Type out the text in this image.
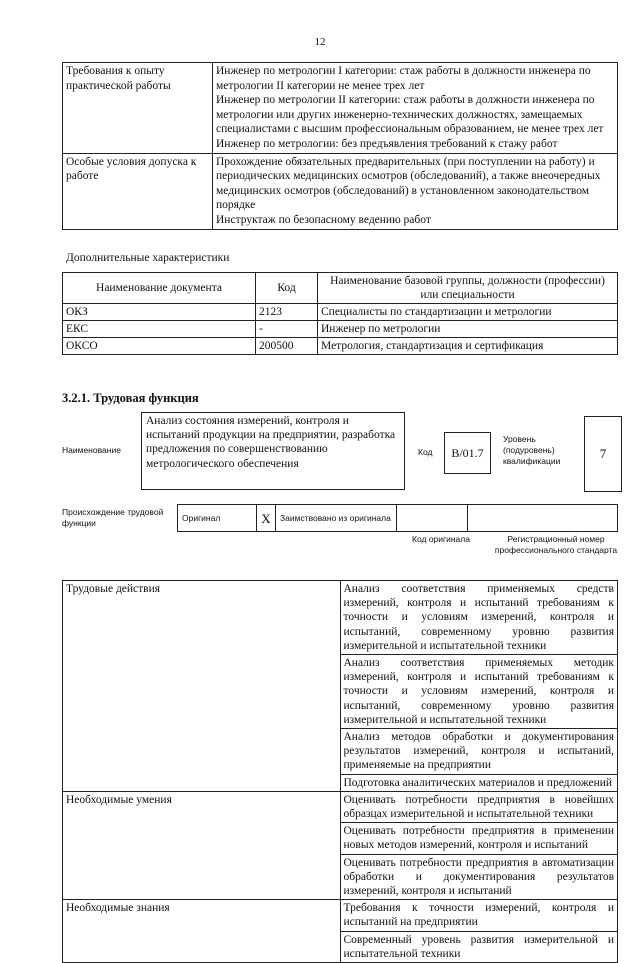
12
Требования к опыту практической работы	Инженер по метрологии I категории: стаж работы в должности инженера по метрологии II категории не менее трех лет
Инженер по метрологии II категории: стаж работы в должности инженера по метрологии или других инженерно-технических должностях, замещаемых специалистами с высшим профессиональным образованием, не менее трех лет
Инженер по метрологии: без предъявления требований к стажу работ

Особые условия допуска к работе	Прохождение обязательных предварительных (при поступлении на работу) и периодических медицинских осмотров (обследований), а также внеочередных медицинских осмотров (обследований) в установленном законодательством порядке
Инструктаж по безопасному ведению работ
Дополнительные характеристики
Наименование документа	Код	Наименование базовой группы, должности (профессии) или специальности
ОКЗ	2123	Специалисты по стандартизации и метрологии
ЕКС	-	Инженер по метрологии
ОКСО	200500	Метрология, стандартизация и сертификация
3.2.1. Трудовая функция
Наименование
Анализ состояния измерений, контроля и испытаний продукции на предприятии, разработка предложения по совершенствованию метрологического обеспечения
Код	B/01.7
Уровень (подуровень) квалификации	7
Происхождение трудовой функции
Оригинал	X	Заимствовано из оригинала		
Код оригинала	Регистрационный номер профессионального стандарта
Трудовые действия	Анализ соответствия применяемых средств измерений, контроля и испытаний требованиям к точности и условиям измерений, контроля и испытаний, современному уровню развития измерительной и испытательной техники

	Анализ соответствия применяемых методик измерений, контроля и испытаний требованиям к точности и условиям измерений, контроля и испытаний, современному уровню развития измерительной и испытательной техники

	Анализ методов обработки и документирования результатов измерений, контроля и испытаний, применяемые на предприятии

	Подготовка аналитических материалов и предложений

Необходимые умения	Оценивать потребности предприятия в новейших образцах измерительной и испытательной техники

	Оценивать потребности предприятия в применении новых методов измерений, контроля и испытаний

	Оценивать потребности предприятия в автоматизации обработки и документирования результатов измерений, контроля и испытаний

Необходимые знания	Требования к точности измерений, контроля и испытаний на предприятии

	Современный уровень развития измерительной и испытательной техники
